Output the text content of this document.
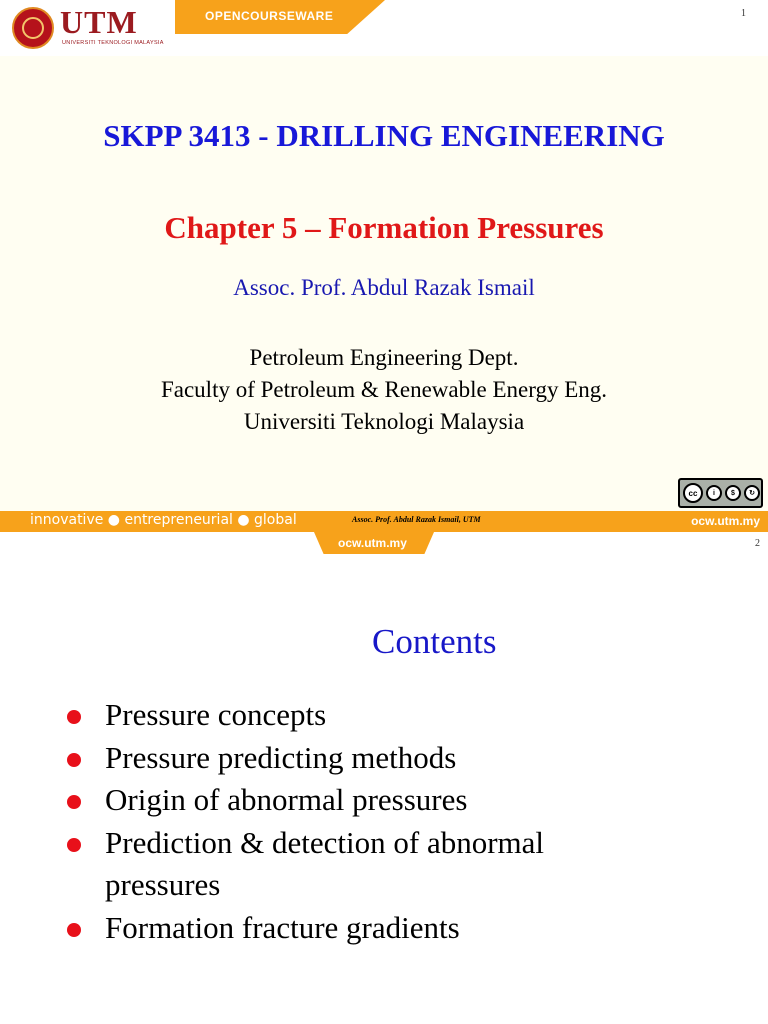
OPENCOURSEWARE
UTM
UNIVERSITI TEKNOLOGI MALAYSIA
1
SKPP 3413 - DRILLING ENGINEERING
Chapter 5 – Formation Pressures
Assoc. Prof. Abdul Razak Ismail
Petroleum Engineering Dept.
Faculty of Petroleum & Renewable Energy Eng.
Universiti Teknologi Malaysia
cc	i	$	↻
innovative ● entrepreneurial ● global	Assoc. Prof. Abdul Razak Ismail, UTM	ocw.utm.my
ocw.utm.my	2
Contents
Pressure concepts
Pressure predicting methods
Origin of abnormal pressures
Prediction & detection of abnormal pressures
Formation fracture gradients
